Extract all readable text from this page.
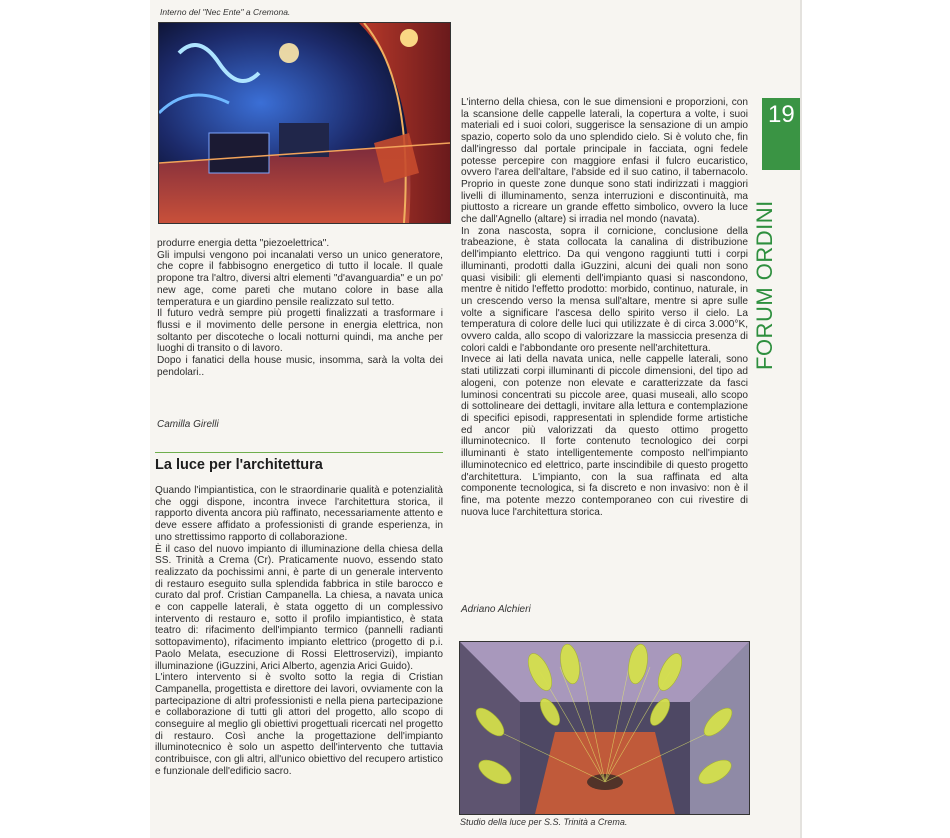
Interno del "Nec Ente" a Cremona.

produrre energia detta "piezoelettrica".

Gli impulsi vengono poi incanalati verso un unico generatore, che copre il fabbisogno energetico di tutto il locale. Il quale propone tra l'altro, diversi altri elementi "d'avanguardia" e un po' new age, come pareti che mutano colore in base alla temperatura e un giardino pensile realizzato sul tetto.

Il futuro vedrà sempre più progetti finalizzati a trasformare i flussi e il movimento delle persone in energia elettrica, non soltanto per discoteche o locali notturni quindi, ma anche per luoghi di transito o di lavoro.

Dopo i fanatici della house music, insomma, sarà la volta dei pendolari..

Camilla Girelli
La luce per l'architettura

Quando l'impiantistica, con le straordinarie qualità e potenzialità che oggi dispone, incontra invece l'architettura storica, il rapporto diventa ancora più raffinato, necessariamente attento e deve essere affidato a professionisti di grande esperienza, in uno strettissimo rapporto di collaborazione.

È il caso del nuovo impianto di illuminazione della chiesa della SS. Trinità a Crema (Cr). Praticamente nuovo, essendo stato realizzato da pochissimi anni, è parte di un generale intervento di restauro eseguito sulla splendida fabbrica in stile barocco e curato dal prof. Cristian Campanella. La chiesa, a navata unica e con cappelle laterali, è stata oggetto di un complessivo intervento di restauro e, sotto il profilo impiantistico, è stata teatro di: rifacimento dell'impianto termico (pannelli radianti sottopavimento), rifacimento impianto elettrico (progetto di p.i. Paolo Melata, esecuzione di Rossi Elettroservizi), impianto illuminazione (iGuzzini, Arici Alberto, agenzia Arici Guido).

L'intero intervento si è svolto sotto la regia di Cristian Campanella, progettista e direttore dei lavori, ovviamente con la partecipazione di altri professionisti e nella piena partecipazione e collaborazione di tutti gli attori del progetto, allo scopo di conseguire al meglio gli obiettivi progettuali ricercati nel progetto di restauro. Così anche la progettazione dell'impianto illuminotecnico è solo un aspetto dell'intervento che tuttavia contribuisce, con gli altri, all'unico obiettivo del recupero artistico e funzionale dell'edificio sacro.

L'interno della chiesa, con le sue dimensioni e proporzioni, con la scansione delle cappelle laterali, la copertura a volte, i suoi materiali ed i suoi colori, suggerisce la sensazione di un ampio spazio, coperto solo da uno splendido cielo. Si è voluto che, fin dall'ingresso dal portale principale in facciata, ogni fedele potesse percepire con maggiore enfasi il fulcro eucaristico, ovvero l'area dell'altare, l'abside ed il suo catino, il tabernacolo. Proprio in queste zone dunque sono stati indirizzati i maggiori livelli di illuminamento, senza interruzioni e discontinuità, ma piuttosto a ricreare un grande effetto simbolico, ovvero la luce che dall'Agnello (altare) si irradia nel mondo (navata).

In zona nascosta, sopra il cornicione, conclusione della trabeazione, è stata collocata la canalina di distribuzione dell'impianto elettrico. Da qui vengono raggiunti tutti i corpi illuminanti, prodotti dalla iGuzzini, alcuni dei quali non sono quasi visibili: gli elementi dell'impianto quasi si nascondono, mentre è nitido l'effetto prodotto: morbido, continuo, naturale, in un crescendo verso la mensa sull'altare, mentre si apre sulle volte a significare l'ascesa dello spirito verso il cielo. La temperatura di colore delle luci qui utilizzate è di circa 3.000°K, ovvero calda, allo scopo di valorizzare la massiccia presenza di colori caldi e l'abbondante oro presente nell'architettura.

Invece ai lati della navata unica, nelle cappelle laterali, sono stati utilizzati corpi illuminanti di piccole dimensioni, del tipo ad alogeni, con potenze non elevate e caratterizzate da fasci luminosi concentrati su piccole aree, quasi museali, allo scopo di sottolineare dei dettagli, invitare alla lettura e contemplazione di specifici episodi, rappresentati in splendide forme artistiche ed ancor più valorizzati da questo ottimo progetto illuminotecnico. Il forte contenuto tecnologico dei corpi illuminanti è stato intelligentemente composto nell'impianto illuminotecnico ed elettrico, parte inscindibile di questo progetto d'architettura. L'impianto, con la sua raffinata ed alta componente tecnologica, si fa discreto e non invasivo: non è il fine, ma potente mezzo contemporaneo con cui rivestire di nuova luce l'architettura storica.

Adriano Alchieri
Studio della luce per S.S. Trinità a Crema.
19
FORUM ORDINI
